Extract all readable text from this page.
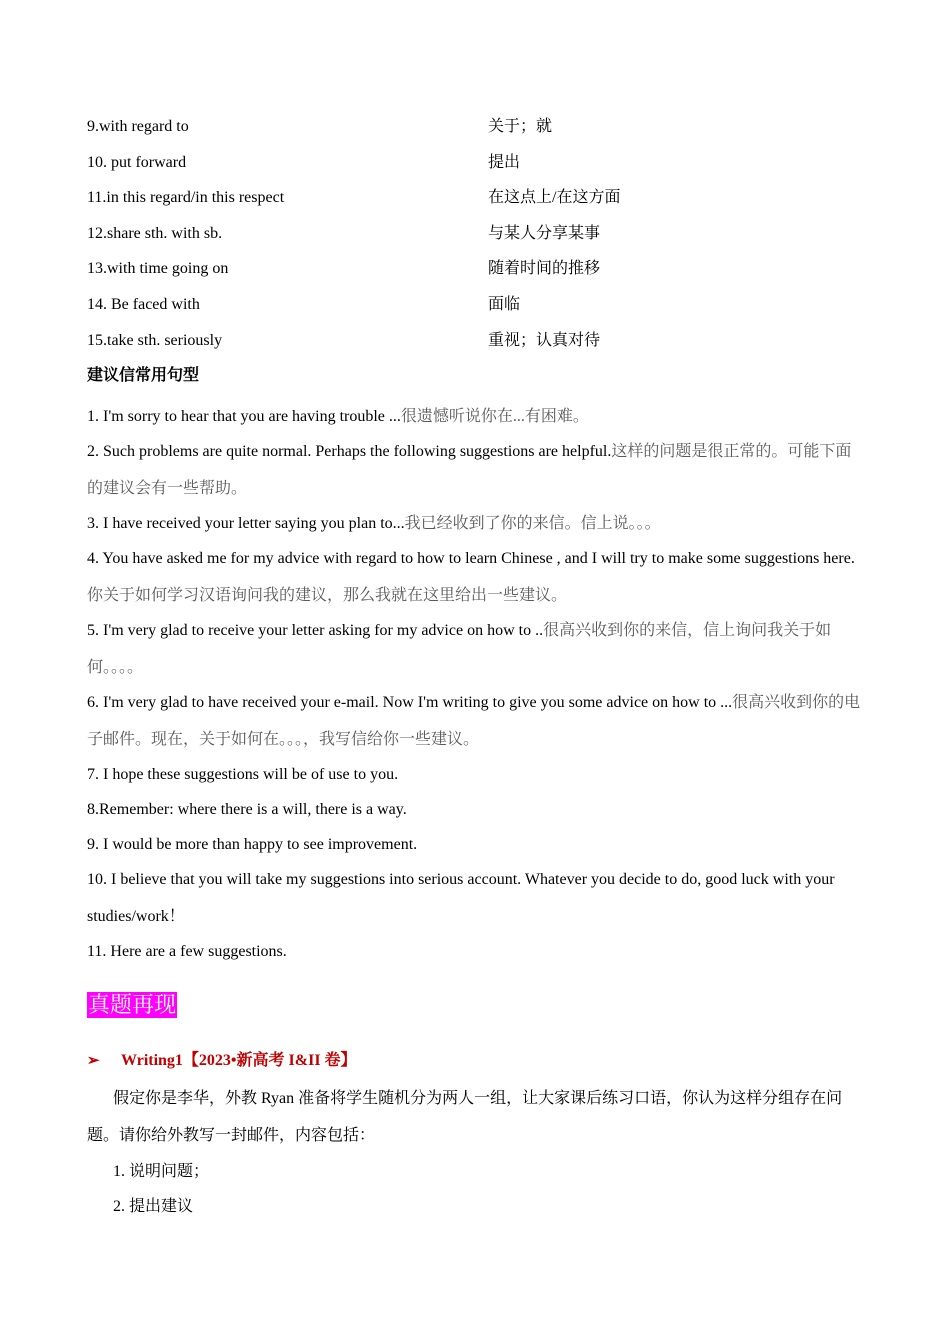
9.with regard to	关于；就
10. put forward	提出
11.in this regard/in this respect	在这点上/在这方面
12.share sth. with sb.	与某人分享某事
13.with time going on	随着时间的推移
14. Be faced with	面临
15.take sth. seriously	重视；认真对待
建议信常用句型
1. I'm sorry to hear that you are having trouble ...很遗憾听说你在...有困难。
2. Such problems are quite normal. Perhaps the following suggestions are helpful.这样的问题是很正常的。可能下面的建议会有一些帮助。
3. I have received your letter saying you plan to...我已经收到了你的来信。信上说。。。
4. You have asked me for my advice with regard to how to learn Chinese , and I will try to make some suggestions here.你关于如何学习汉语询问我的建议，那么我就在这里给出一些建议。
5. I'm very glad to receive your letter asking for my advice on how to ..很高兴收到你的来信，信上询问我关于如何。。。。
6. I'm very glad to have received your e-mail. Now I'm writing to give you some advice on how to ...很高兴收到你的电子邮件。现在，关于如何在。。。，我写信给你一些建议。
7. I hope these suggestions will be of use to you.
8.Remember: where there is a will, there is a way.
9. I would be more than happy to see improvement.
10. I believe that you will take my suggestions into serious account. Whatever you decide to do, good luck with your studies/work！
11. Here are a few suggestions.
真题再现
➢ Writing1【2023•新高考 I&II 卷】
假定你是李华，外教 Ryan 准备将学生随机分为两人一组，让大家课后练习口语，你认为这样分组存在问题。请你给外教写一封邮件，内容包括：
1. 说明问题；
2. 提出建议
